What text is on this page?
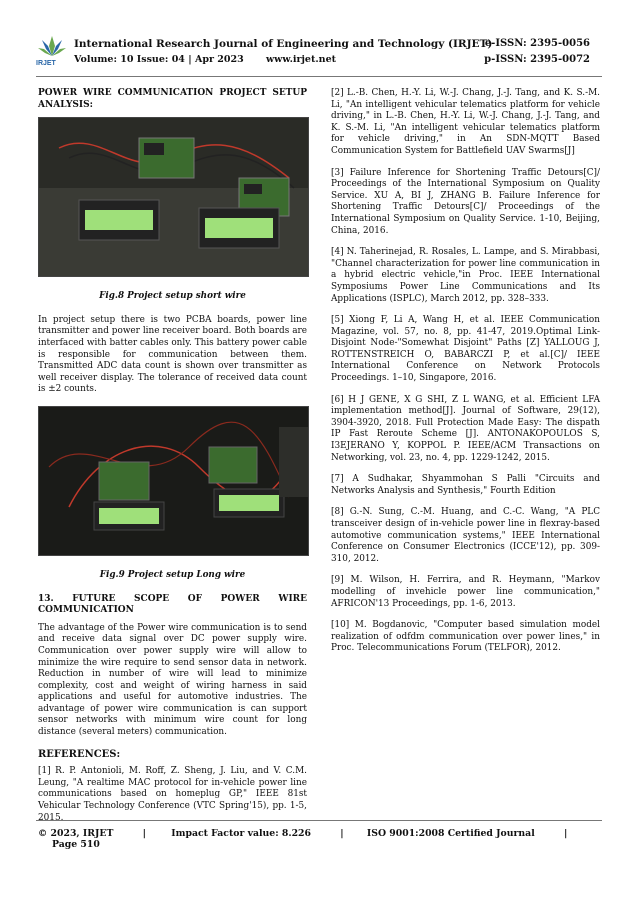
IRJET
International Research Journal of Engineering and Technology (IRJET)
Volume: 10 Issue: 04 | Apr 2023 www.irjet.net
e-ISSN: 2395-0056
p-ISSN: 2395-0072
POWER WIRE COMMUNICATION PROJECT SETUP ANALYSIS:
Fig.8 Project setup short wire

In project setup there is two PCBA boards, power line transmitter and power line receiver board. Both boards are interfaced with batter cables only. This battery power cable is responsible for communication between them. Transmitted ADC data count is shown over transmitter as well receiver display. The tolerance of received data count is ±2 counts.

Fig.9 Project setup Long wire
13. FUTURE SCOPE OF POWER WIRE COMMUNICATION

The advantage of the Power wire communication is to send and receive data signal over DC power supply wire. Communication over power supply wire will allow to minimize the wire require to send sensor data in network. Reduction in number of wire will lead to minimize complexity, cost and weight of wiring harness in said applications and useful for automotive industries. The advantage of power wire communication is can support sensor networks with minimum wire count for long distance (several meters) communication.

REFERENCES:
[1] R. P. Antonioli, M. Roff, Z. Sheng, J. Liu, and V. C.M. Leung, "A realtime MAC protocol for in-vehicle power line communications based on homeplug GP," IEEE 81st Vehicular Technology Conference (VTC Spring'15), pp. 1-5, 2015.
[2] L.-B. Chen, H.-Y. Li, W.-J. Chang, J.-J. Tang, and K. S.-M. Li, "An intelligent vehicular telematics platform for vehicle driving," in L.-B. Chen, H.-Y. Li, W.-J. Chang, J.-J. Tang, and K. S.-M. Li, "An intelligent vehicular telematics platform for vehicle driving," in An SDN-MQTT Based Communication System for Battlefield UAV Swarms[J]
[3] Failure Inference for Shortening Traffic Detours[C]/ Proceedings of the International Symposium on Quality Service. XU A, BI J, ZHANG B. Failure Inference for Shortening Traffic Detours[C]/ Proceedings of the International Symposium on Quality Service. 1-10, Beijing, China, 2016.
[4] N. Taherinejad, R. Rosales, L. Lampe, and S. Mirabbasi, "Channel characterization for power line communication in a hybrid electric vehicle,"in Proc. IEEE International Symposiums Power Line Communications and Its Applications (ISPLC), March 2012, pp. 328–333.
[5] Xiong F, Li A, Wang H, et al. IEEE Communication Magazine, vol. 57, no. 8, pp. 41-47, 2019.Optimal Link-Disjoint Node-"Somewhat Disjoint" Paths [Z] YALLOUG J, ROTTENSTREICH O, BABARCZI P, et al.[C]/ IEEE International Conference on Network Protocols Proceedings. 1–10, Singapore, 2016.
[6] H J GENE, X G SHI, Z L WANG, et al. Efficient LFA implementation method[J]. Journal of Software, 29(12), 3904-3920, 2018. Full Protection Made Easy: The dispath IP Fast Reroute Scheme [J]. ANTONAKOPOULOS S, I3EJERANO Y, KOPPOL P. IEEE/ACM Transactions on Networking, vol. 23, no. 4, pp. 1229-1242, 2015.
[7] A Sudhakar, Shyammohan S Palli "Circuits and Networks Analysis and Synthesis," Fourth Edition
[8] G.-N. Sung, C.-M. Huang, and C.-C. Wang, "A PLC transceiver design of in-vehicle power line in flexray-based automotive communication systems," IEEE International Conference on Consumer Electronics (ICCE'12), pp. 309-310, 2012.
[9] M. Wilson, H. Ferrira, and R. Heymann, "Markov modelling of invehicle power line communication," AFRICON'13 Proceedings, pp. 1-6, 2013.
[10] M. Bogdanovic, "Computer based simulation model realization of odfdm communication over power lines," in Proc. Telecommunications Forum (TELFOR), 2012.
© 2023, IRJET	|	Impact Factor value: 8.226	|	ISO 9001:2008 Certified Journal	| Page 510
